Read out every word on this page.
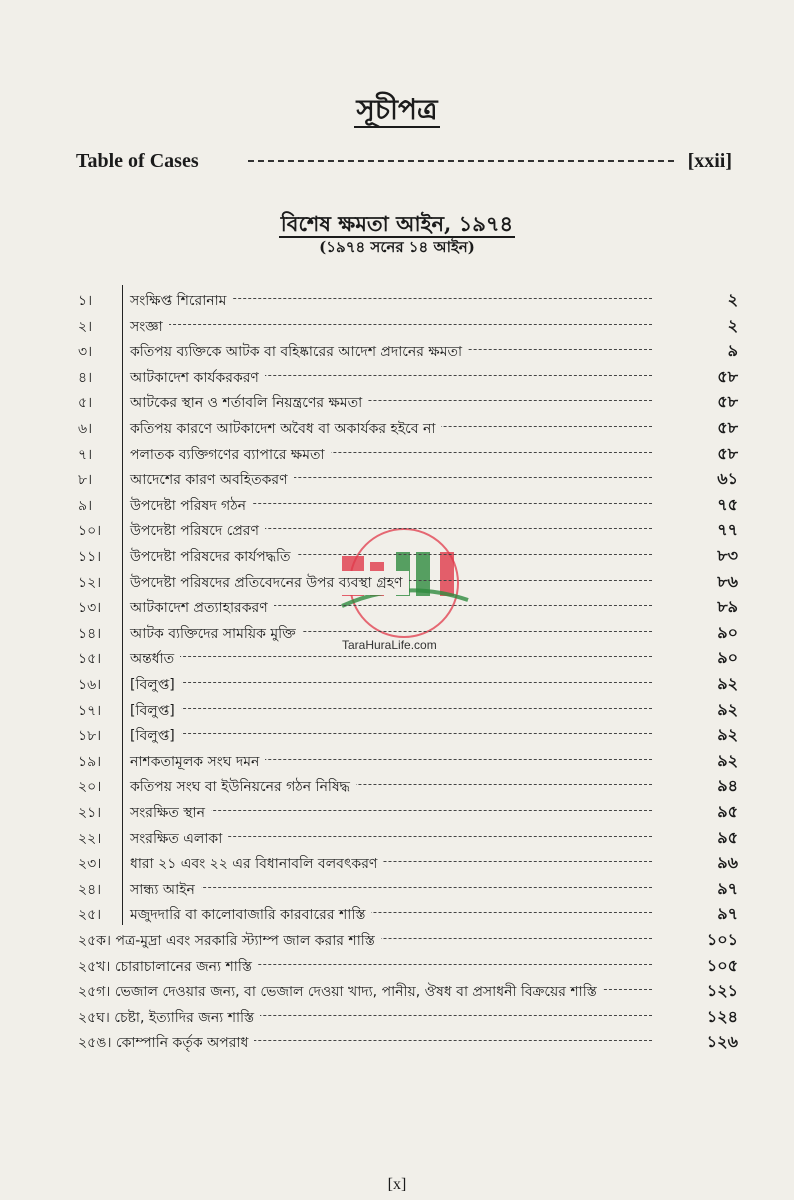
সূচীপত্র
Table of Cases	[xxii]
বিশেষ ক্ষমতা আইন, ১৯৭৪
(১৯৭৪ সনের ১৪ আইন)
১।	সংক্ষিপ্ত শিরোনাম	২
২।	সংজ্ঞা	২
৩।	কতিপয় ব্যক্তিকে আটক বা বহিষ্কারের আদেশ প্রদানের ক্ষমতা	৯
৪।	আটকাদেশ কার্যকরকরণ	৫৮
৫।	আটকের স্থান ও শর্তাবলি নিয়ন্ত্রণের ক্ষমতা	৫৮
৬।	কতিপয় কারণে আটকাদেশ অবৈধ বা অকার্যকর হইবে না	৫৮
৭।	পলাতক ব্যক্তিগণের ব্যাপারে ক্ষমতা	৫৮
৮।	আদেশের কারণ অবহিতকরণ	৬১
৯।	উপদেষ্টা পরিষদ গঠন	৭৫
১০।	উপদেষ্টা পরিষদে প্রেরণ	৭৭
১১।	উপদেষ্টা পরিষদের কার্যপদ্ধতি	৮৩
১২।	উপদেষ্টা পরিষদের প্রতিবেদনের উপর ব্যবস্থা গ্রহণ	৮৬
১৩।	আটকাদেশ প্রত্যাহারকরণ	৮৯
১৪।	আটক ব্যক্তিদের সাময়িক মুক্তি	৯০
১৫।	অন্তর্ধাত	৯০
১৬।	[বিলুপ্ত]	৯২
১৭।	[বিলুপ্ত]	৯২
১৮।	[বিলুপ্ত]	৯২
১৯।	নাশকতামূলক সংঘ দমন	৯২
২০।	কতিপয় সংঘ বা ইউনিয়নের গঠন নিষিদ্ধ	৯৪
২১।	সংরক্ষিত স্থান	৯৫
২২।	সংরক্ষিত এলাকা	৯৫
২৩।	ধারা ২১ এবং ২২ এর বিধানাবলি বলবৎকরণ	৯৬
২৪।	সান্ধ্য আইন	৯৭
২৫।	মজুদদারি বা কালোবাজারি কারবারের শাস্তি	৯৭
২৫ক। পত্র-মুদ্রা এবং সরকারি স্ট্যাম্প জাল করার শাস্তি	১০১
২৫খ। চোরাচালানের জন্য শাস্তি	১০৫
২৫গ। ভেজাল দেওয়ার জন্য, বা ভেজাল দেওয়া খাদ্য, পানীয়, ঔষধ বা প্রসাধনী বিক্রয়ের শাস্তি	১২১
২৫ঘ। চেষ্টা, ইত্যাদির জন্য শাস্তি	১২৪
২৫ঙ। কোম্পানি কর্তৃক অপরাধ	১২৬
TaraHuraLife.com
[x]
